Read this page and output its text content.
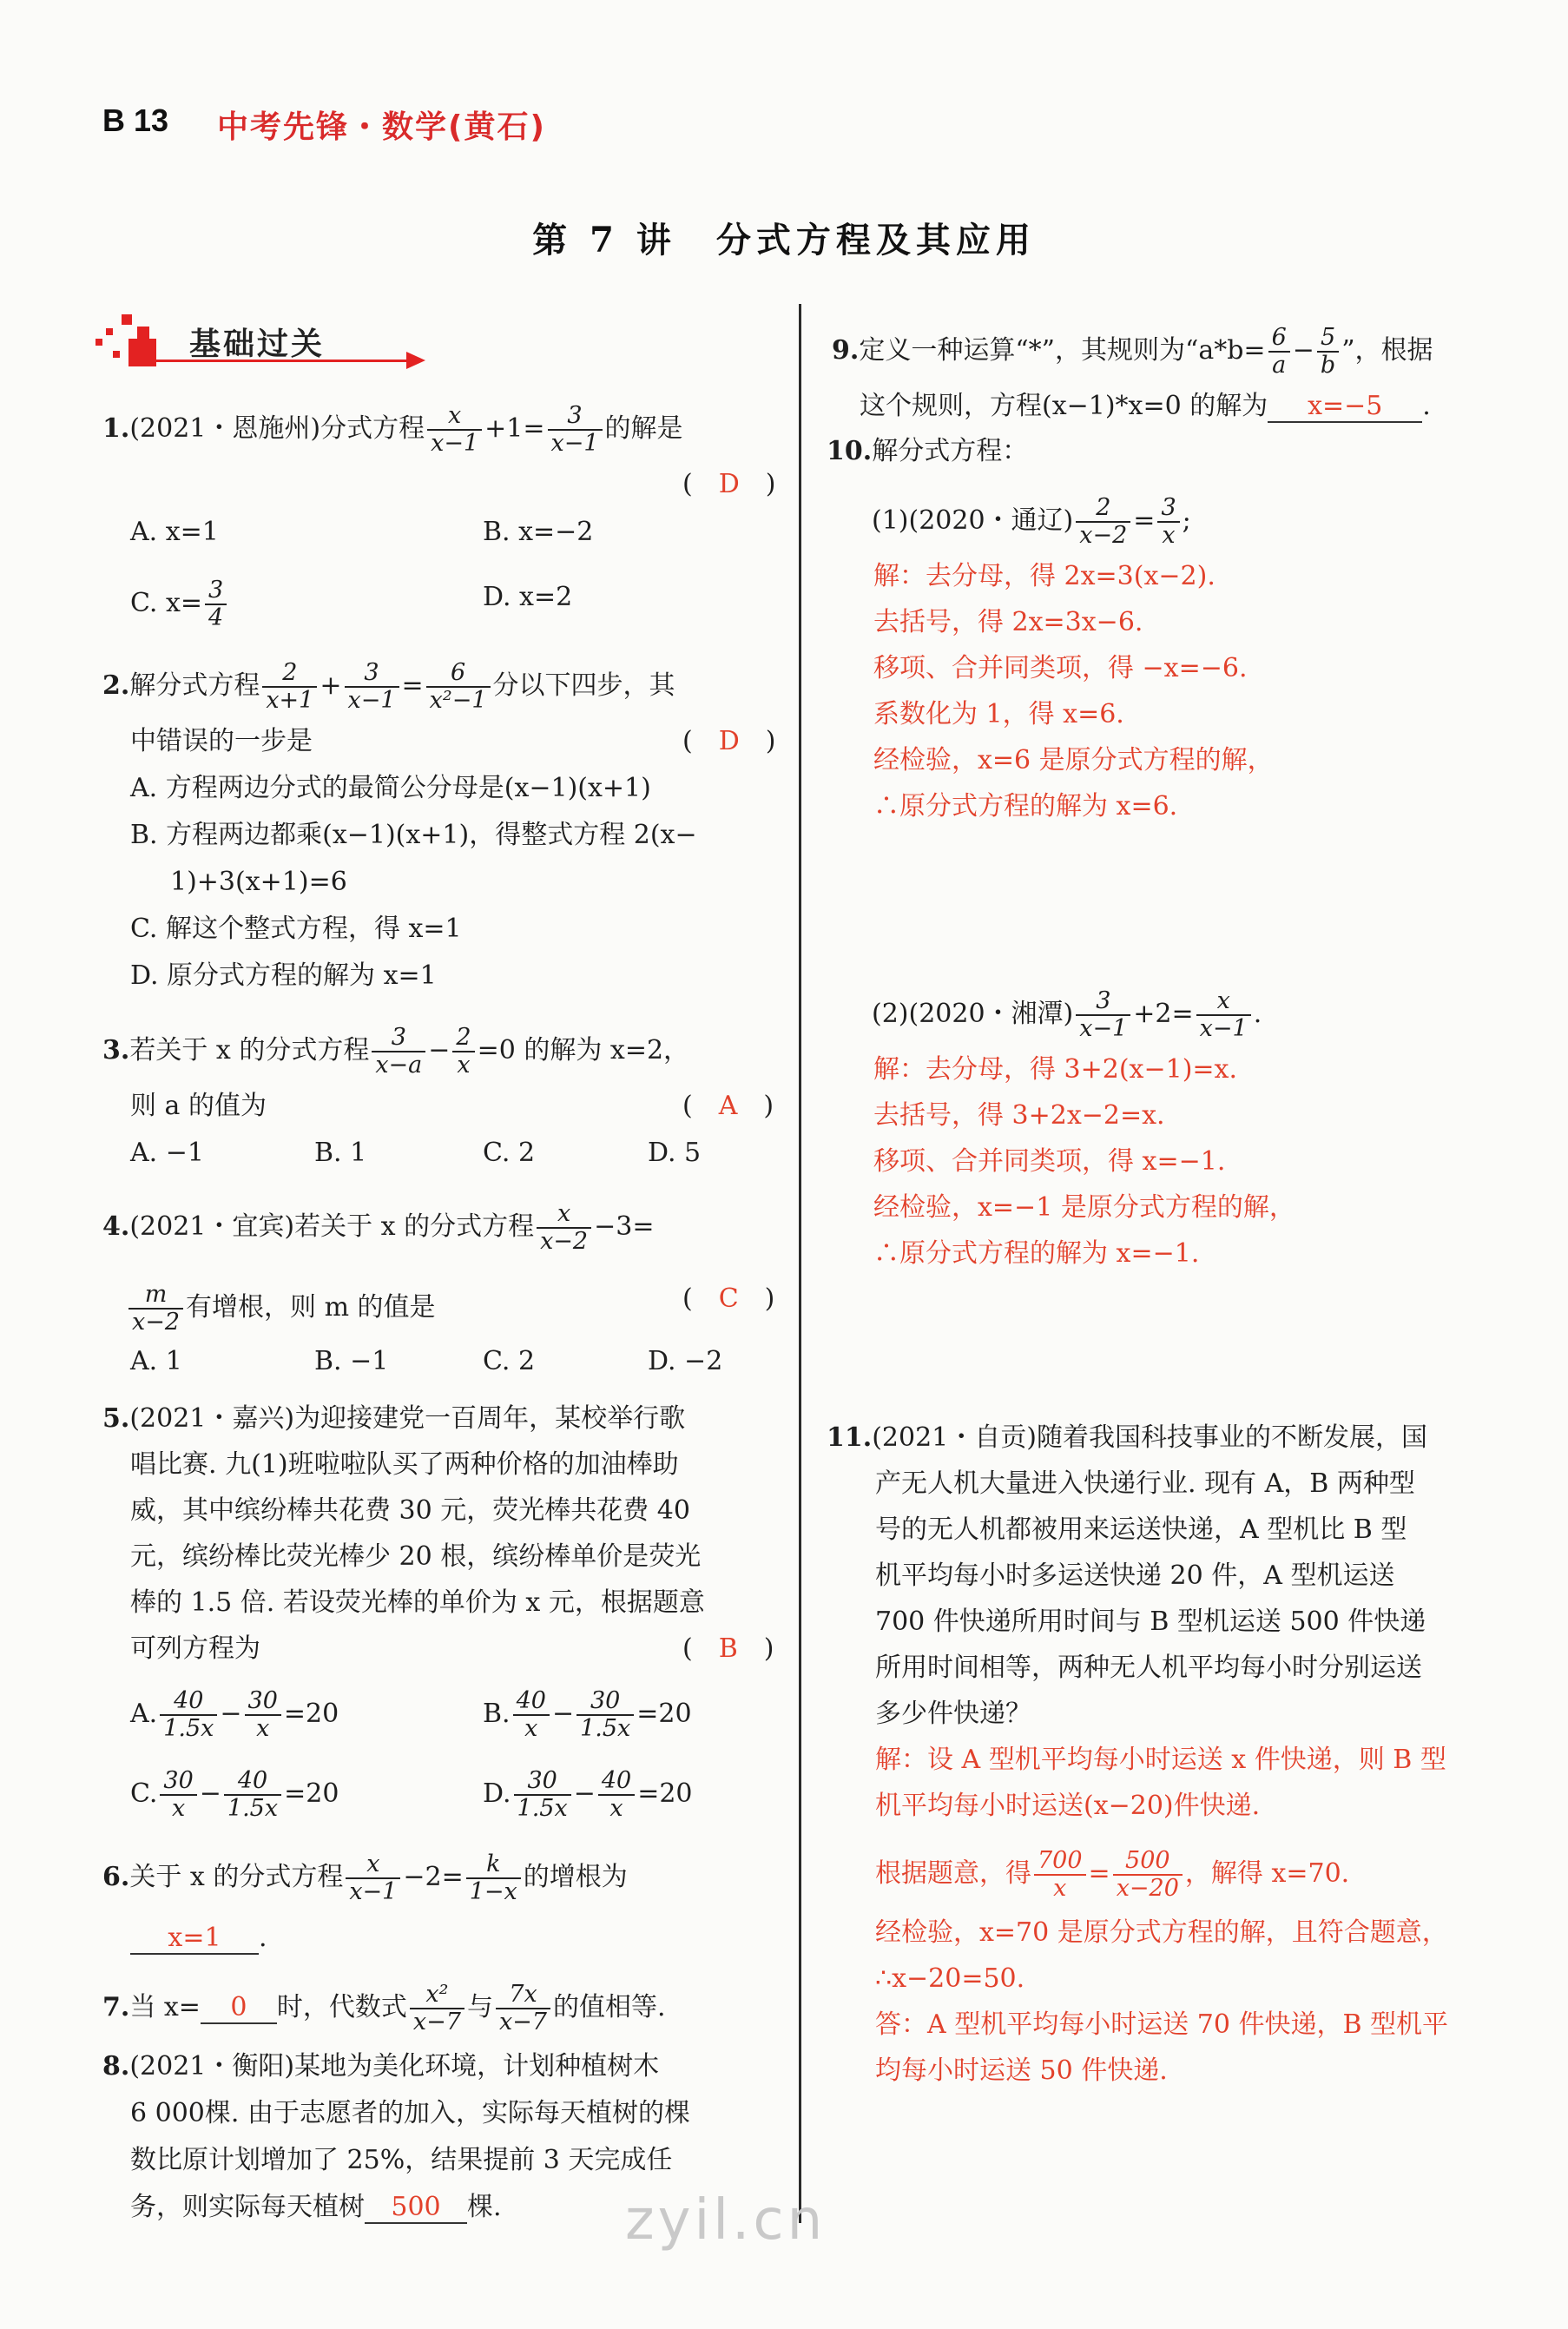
B 13 中考先锋・数学(黄石)
第 7 讲　分式方程及其应用
基础过关
1.(2021・恩施州)分式方程 $\frac{x}{x-1} +1= \frac{3}{x-1}$ 的解是
(　D　)
A. x=1	B. x=−2
C. $x= \frac{3}{4}$	D. x=2
2.解分式方程 $\frac{2}{x+1} + \frac{3}{x-1} = \frac{6}{\text{x²−1}}$ 分以下四步，其
中错误的一步是	(　D　)
A. 方程两边分式的最简公分母是(x−1)(x+1)
B. 方程两边都乘(x−1)(x+1)，得整式方程 2(x−
1)+3(x+1)=6
C. 解这个整式方程，得 x=1
D. 原分式方程的解为 x=1
3.若关于 x 的分式方程 $\frac{3}{x-a} - \frac{2}{x} =0$ 的解为 x=2，
则 a 的值为	(　A　)
A. −1	B. 1	C. 2	D. 5
4.(2021・宜宾)若关于 x 的分式方程 $\frac{x}{x-2} -3=$
$\frac{m}{x-2}$ 有增根，则 m 的值是	(　C　)
A. 1	B. −1	C. 2	D. −2
5.(2021・嘉兴)为迎接建党一百周年，某校举行歌
唱比赛. 九(1)班啦啦队买了两种价格的加油棒助
威，其中缤纷棒共花费 30 元，荧光棒共花费 40
元，缤纷棒比荧光棒少 20 根，缤纷棒单价是荧光
棒的 1.5 倍. 若设荧光棒的单价为 x 元，根据题意
可列方程为	(　B　)
A. $\frac{40}{1.5x} - \frac{30}{x} =20$	B. $\frac{40}{x} - \frac{30}{1.5x} =20$
C. $\frac{30}{x} - \frac{40}{1.5x} =20$	D. $\frac{30}{1.5x} - \frac{40}{x} =20$
6.关于 x 的分式方程 $\frac{x}{x-1} -2= \frac{k}{1-x}$ 的增根为
x=1 .
7.当 x= 0 时，代数式 $\frac{\text{x²}}{x-7}$ 与 $\frac{7x}{x-7}$ 的值相等.
8.(2021・衡阳)某地为美化环境，计划种植树木
6 000棵. 由于志愿者的加入，实际每天植树的棵
数比原计划增加了 25%，结果提前 3 天完成任
务，则实际每天植树 500 棵.
9.定义一种运算“*”，其规则为“$a*b= \frac{6}{a} - \frac{5}{b}$ ”，根据
这个规则，方程(x−1)*x=0 的解为 x=−5 .
10.解分式方程：
(1)(2020・通辽) $\frac{2}{x-2} = \frac{3}{x}$ ;
解：去分母，得 2x=3(x−2).
去括号，得 2x=3x−6.
移项、合并同类项，得 −x=−6.
系数化为 1，得 x=6.
经检验，x=6 是原分式方程的解，
∴原分式方程的解为 x=6.
(2)(2020・湘潭) $\frac{3}{x-1} +2= \frac{x}{x-1}$ .
解：去分母，得 3+2(x−1)=x.
去括号，得 3+2x−2=x.
移项、合并同类项，得 x=−1.
经检验，x=−1 是原分式方程的解，
∴原分式方程的解为 x=−1.
11.(2021・自贡)随着我国科技事业的不断发展，国
产无人机大量进入快递行业. 现有 A，B 两种型
号的无人机都被用来运送快递，A 型机比 B 型
机平均每小时多运送快递 20 件，A 型机运送
700 件快递所用时间与 B 型机运送 500 件快递
所用时间相等，两种无人机平均每小时分别运送
多少件快递？
解：设 A 型机平均每小时运送 x 件快递，则 B 型
机平均每小时运送(x−20)件快递.
根据题意，得 $\frac{700}{x} = \frac{500}{x-20}$ ，解得 x=70.
经检验，x=70 是原分式方程的解，且符合题意，
∴x−20=50.
答：A 型机平均每小时运送 70 件快递，B 型机平
均每小时运送 50 件快递.
zyil.cn
